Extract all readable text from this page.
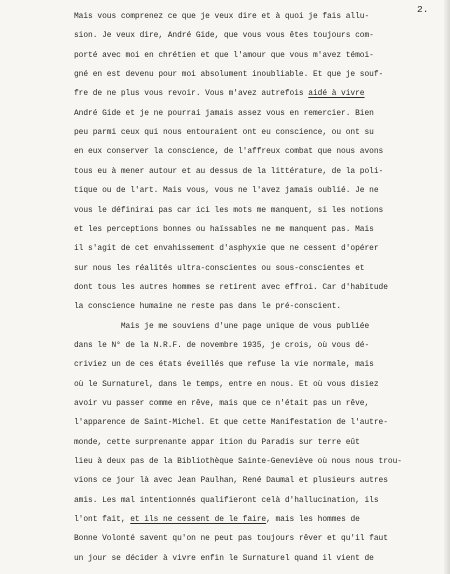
2.
Mais vous comprenez ce que je veux dire et à quoi je fais allu-
sion. Je veux dire, André Gide, que vous vous êtes toujours com-
porté avec moi en chrétien et que l'amour que vous m'avez témoi-
gné en est devenu pour moi absolument inoubliable. Et que je souf-
fre de ne plus vous revoir. Vous m'avez autrefois aidé à vivre
André Gide et je ne pourrai jamais assez vous en remercier. Bien
peu parmi ceux qui nous entouraient ont eu conscience, ou ont su
en eux conserver la conscience, de l'affreux combat que nous avons
tous eu à mener autour et au dessus de la littérature, de la poli-
tique ou de l'art. Mais vous, vous ne l'avez jamais oublié. Je ne
vous le définirai pas car ici les mots me manquent, si les notions
et les perceptions bonnes ou haïssables ne me manquent pas. Mais
il s'agit de cet envahissement d'asphyxie que ne cessent d'opérer
sur nous les réalités ultra-conscientes ou sous-conscientes et
dont tous les autres hommes se retirent avec effroi. Car d'habitude
la conscience humaine ne reste pas dans le pré-conscient.
Mais je me souviens d'une page unique de vous publiée
dans le N° de la N.R.F. de novembre 1935, je crois, où vous dé-
criviez un de ces états éveillés que refuse la vie normale, mais
où le Surnaturel, dans le temps, entre en nous. Et où vous disiez
avoir vu passer comme en rêve, mais que ce n'était pas un rêve,
l'apparence de Saint-Michel. Et que cette Manifestation de l'autre-
monde, cette surprenante appar ition du Paradis sur terre eût
lieu à deux pas de la Bibliothèque Sainte-Geneviève où nous nous trou-
vions ce jour là avec Jean Paulhan, René Daumal et plusieurs autres
amis. Les mal intentionnés qualifieront celà d'hallucination, ils
l'ont fait, et ils ne cessent de le faire, mais les hommes de
Bonne Volonté savent qu'on ne peut pas toujours rêver et qu'il faut
un jour se décider à vivre enfin le Surnaturel quand il vient de
